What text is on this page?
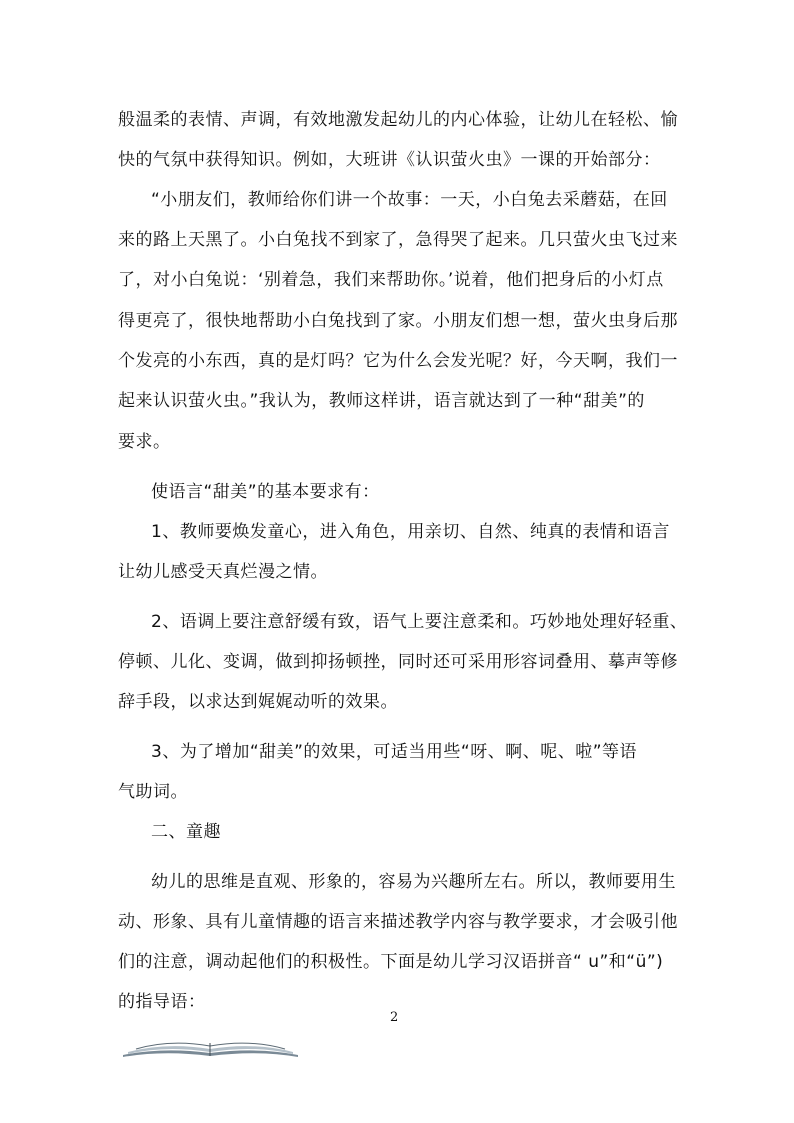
般温柔的表情、声调，有效地激发起幼儿的内心体验，让幼儿在轻松、愉
快的气氛中获得知识。例如，大班讲《认识萤火虫》一课的开始部分：
“小朋友们，教师给你们讲一个故事：一天，小白兔去采蘑菇，在回
来的路上天黑了。小白兔找不到家了，急得哭了起来。几只萤火虫飞过来
了，对小白兔说：‘别着急，我们来帮助你。’说着，他们把身后的小灯点
得更亮了，很快地帮助小白兔找到了家。小朋友们想一想，萤火虫身后那
个发亮的小东西，真的是灯吗？它为什么会发光呢？好，今天啊，我们一
起来认识萤火虫。”我认为，教师这样讲，语言就达到了一种“甜美”的
要求。
使语言“甜美”的基本要求有：
1、教师要焕发童心，进入角色，用亲切、自然、纯真的表情和语言
让幼儿感受天真烂漫之情。
2、语调上要注意舒缓有致，语气上要注意柔和。巧妙地处理好轻重、
停顿、儿化、变调，做到抑扬顿挫，同时还可采用形容词叠用、摹声等修
辞手段，以求达到娓娓动听的效果。
3、为了增加“甜美”的效果，可适当用些“呀、啊、呢、啦”等语
气助词。
二、童趣
幼儿的思维是直观、形象的，容易为兴趣所左右。所以，教师要用生
动、形象、具有儿童情趣的语言来描述教学内容与教学要求，才会吸引他
们的注意，调动起他们的积极性。下面是幼儿学习汉语拼音“ u”和“ü”)
的指导语：
2
